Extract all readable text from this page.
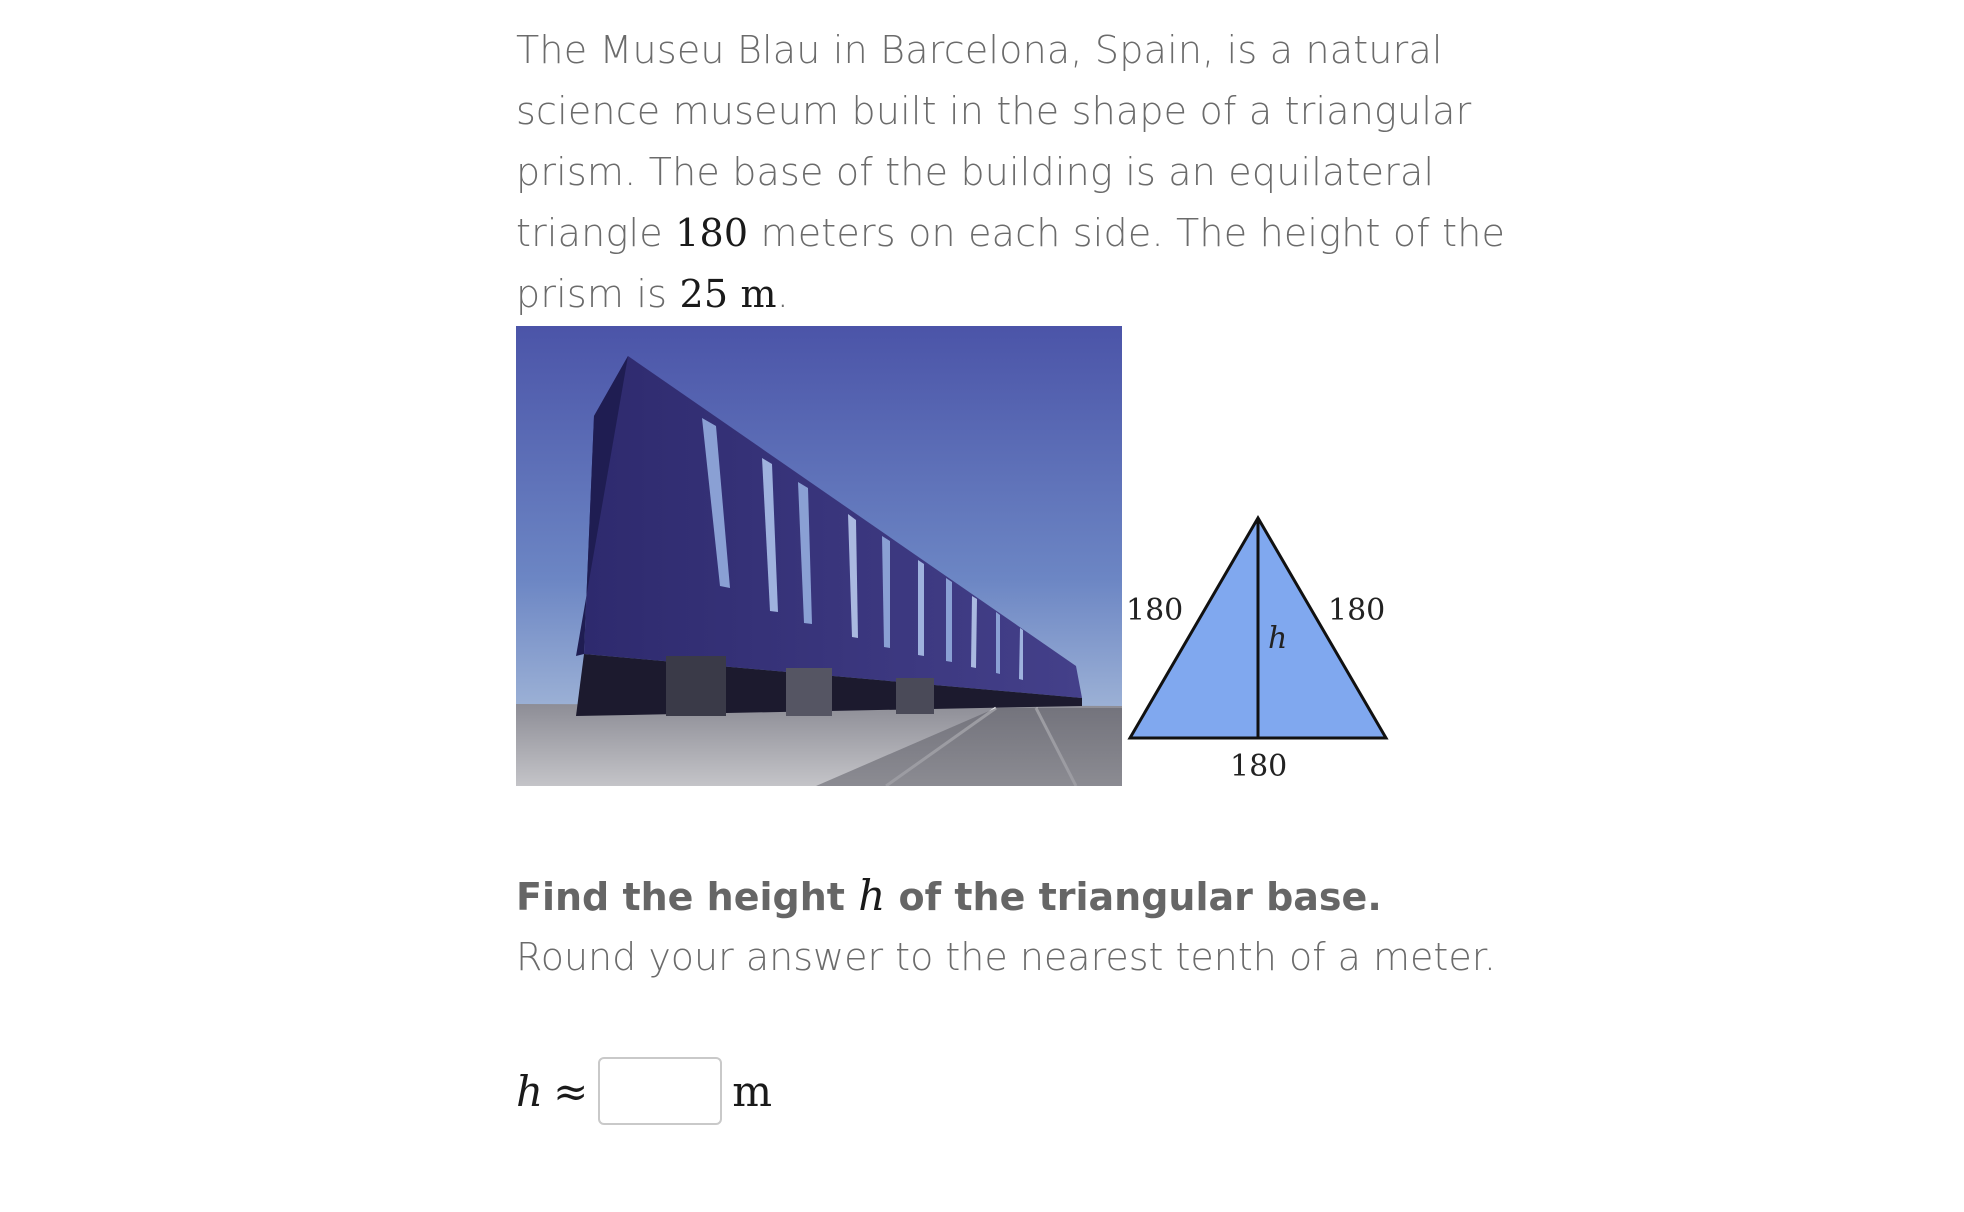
The Museu Blau in Barcelona, Spain, is a natural science museum built in the shape of a triangular prism. The base of the building is an equilateral triangle 180 meters on each side. The height of the prism is 25 m.

180	180
h
180
Find the height h of the triangular base.
Round your answer to the nearest tenth of a meter.
h ≈	m
